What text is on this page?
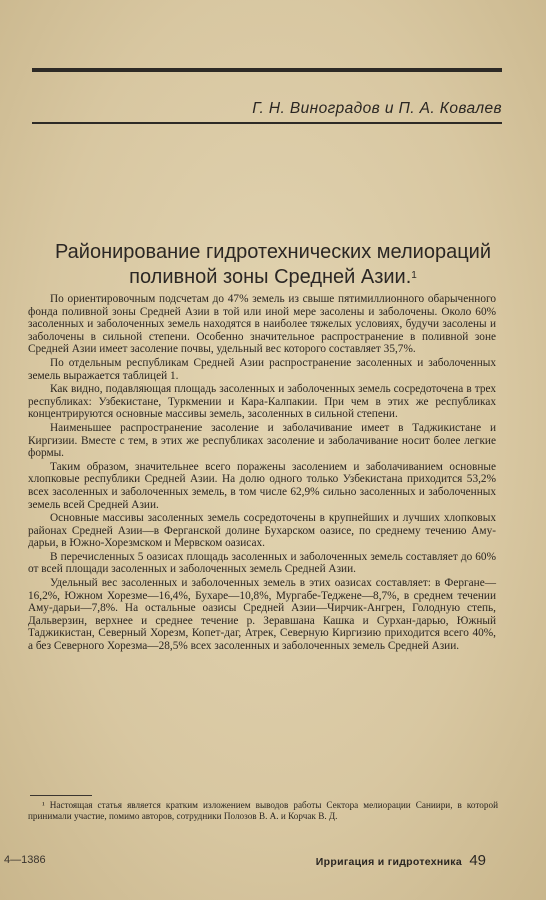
Г. Н. Виноградов и П. А. Ковалев
Районирование гидротехнических мелиораций
поливной зоны Средней Азии.$^1$

По ориентировочным подсчетам до 47% земель из свыше пятимиллионного обарыченного фонда поливной зоны Средней Азии в той или иной мере засолены и заболочены. Около 60% засоленных и заболоченных земель находятся в наиболее тяжелых условиях, будучи засолены и заболочены в сильной степени. Особенно значительное распространение в поливной зоне Средней Азии имеет засоление почвы, удельный вес которого составляет 35,7%.

По отдельным республикам Средней Азии распространение засоленных и заболоченных земель выражается таблицей 1.

Как видно, подавляющая площадь засоленных и заболоченных земель сосредоточена в трех республиках: Узбекистане, Туркмении и Кара-Калпакии. При чем в этих же республиках концентрируются основные массивы земель, засоленных в сильной степени.

Наименьшее распространение засоление и заболачивание имеет в Таджикистане и Киргизии. Вместе с тем, в этих же республиках засоление и заболачивание носит более легкие формы.

Таким образом, значительнее всего поражены засолением и заболачиванием основные хлопковые республики Средней Азии. На долю одного только Узбекистана приходится 53,2% всех засоленных и заболоченных земель, в том числе 62,9% сильно засоленных и заболоченных земель всей Средней Азии.

Основные массивы засоленных земель сосредоточены в крупнейших и лучших хлопковых районах Средней Азии—в Ферганской долине Бухарском оазисе, по среднему течению Аму-дарьи, в Южно-Хорезмском и Мервском оазисах.

В перечисленных 5 оазисах площадь засоленных и заболоченных земель составляет до 60% от всей площади засоленных и заболоченных земель Средней Азии.

Удельный вес засоленных и заболоченных земель в этих оазисах составляет: в Фергане—16,2%, Южном Хорезме—16,4%, Бухаре—10,8%, Мургабе-Теджене—8,7%, в среднем течении Аму-дарьи—7,8%. На остальные оазисы Средней Азии—Чирчик-Ангрен, Голодную степь, Дальверзин, верхнее и среднее течение р. Зеравшана Кашка и Сурхан-дарью, Южный Таджикистан, Северный Хорезм, Копет-даг, Атрек, Северную Киргизию приходится всего 40%, а без Северного Хорезма—28,5% всех засоленных и заболоченных земель Средней Азии.

¹ Настоящая статья является кратким изложением выводов работы Сектора мелиорации Саниири, в которой принимали участие, помимо авторов, сотрудники Полозов В. А. и Корчак В. Д.

4—1386	Ирригация и гидротехника 49
